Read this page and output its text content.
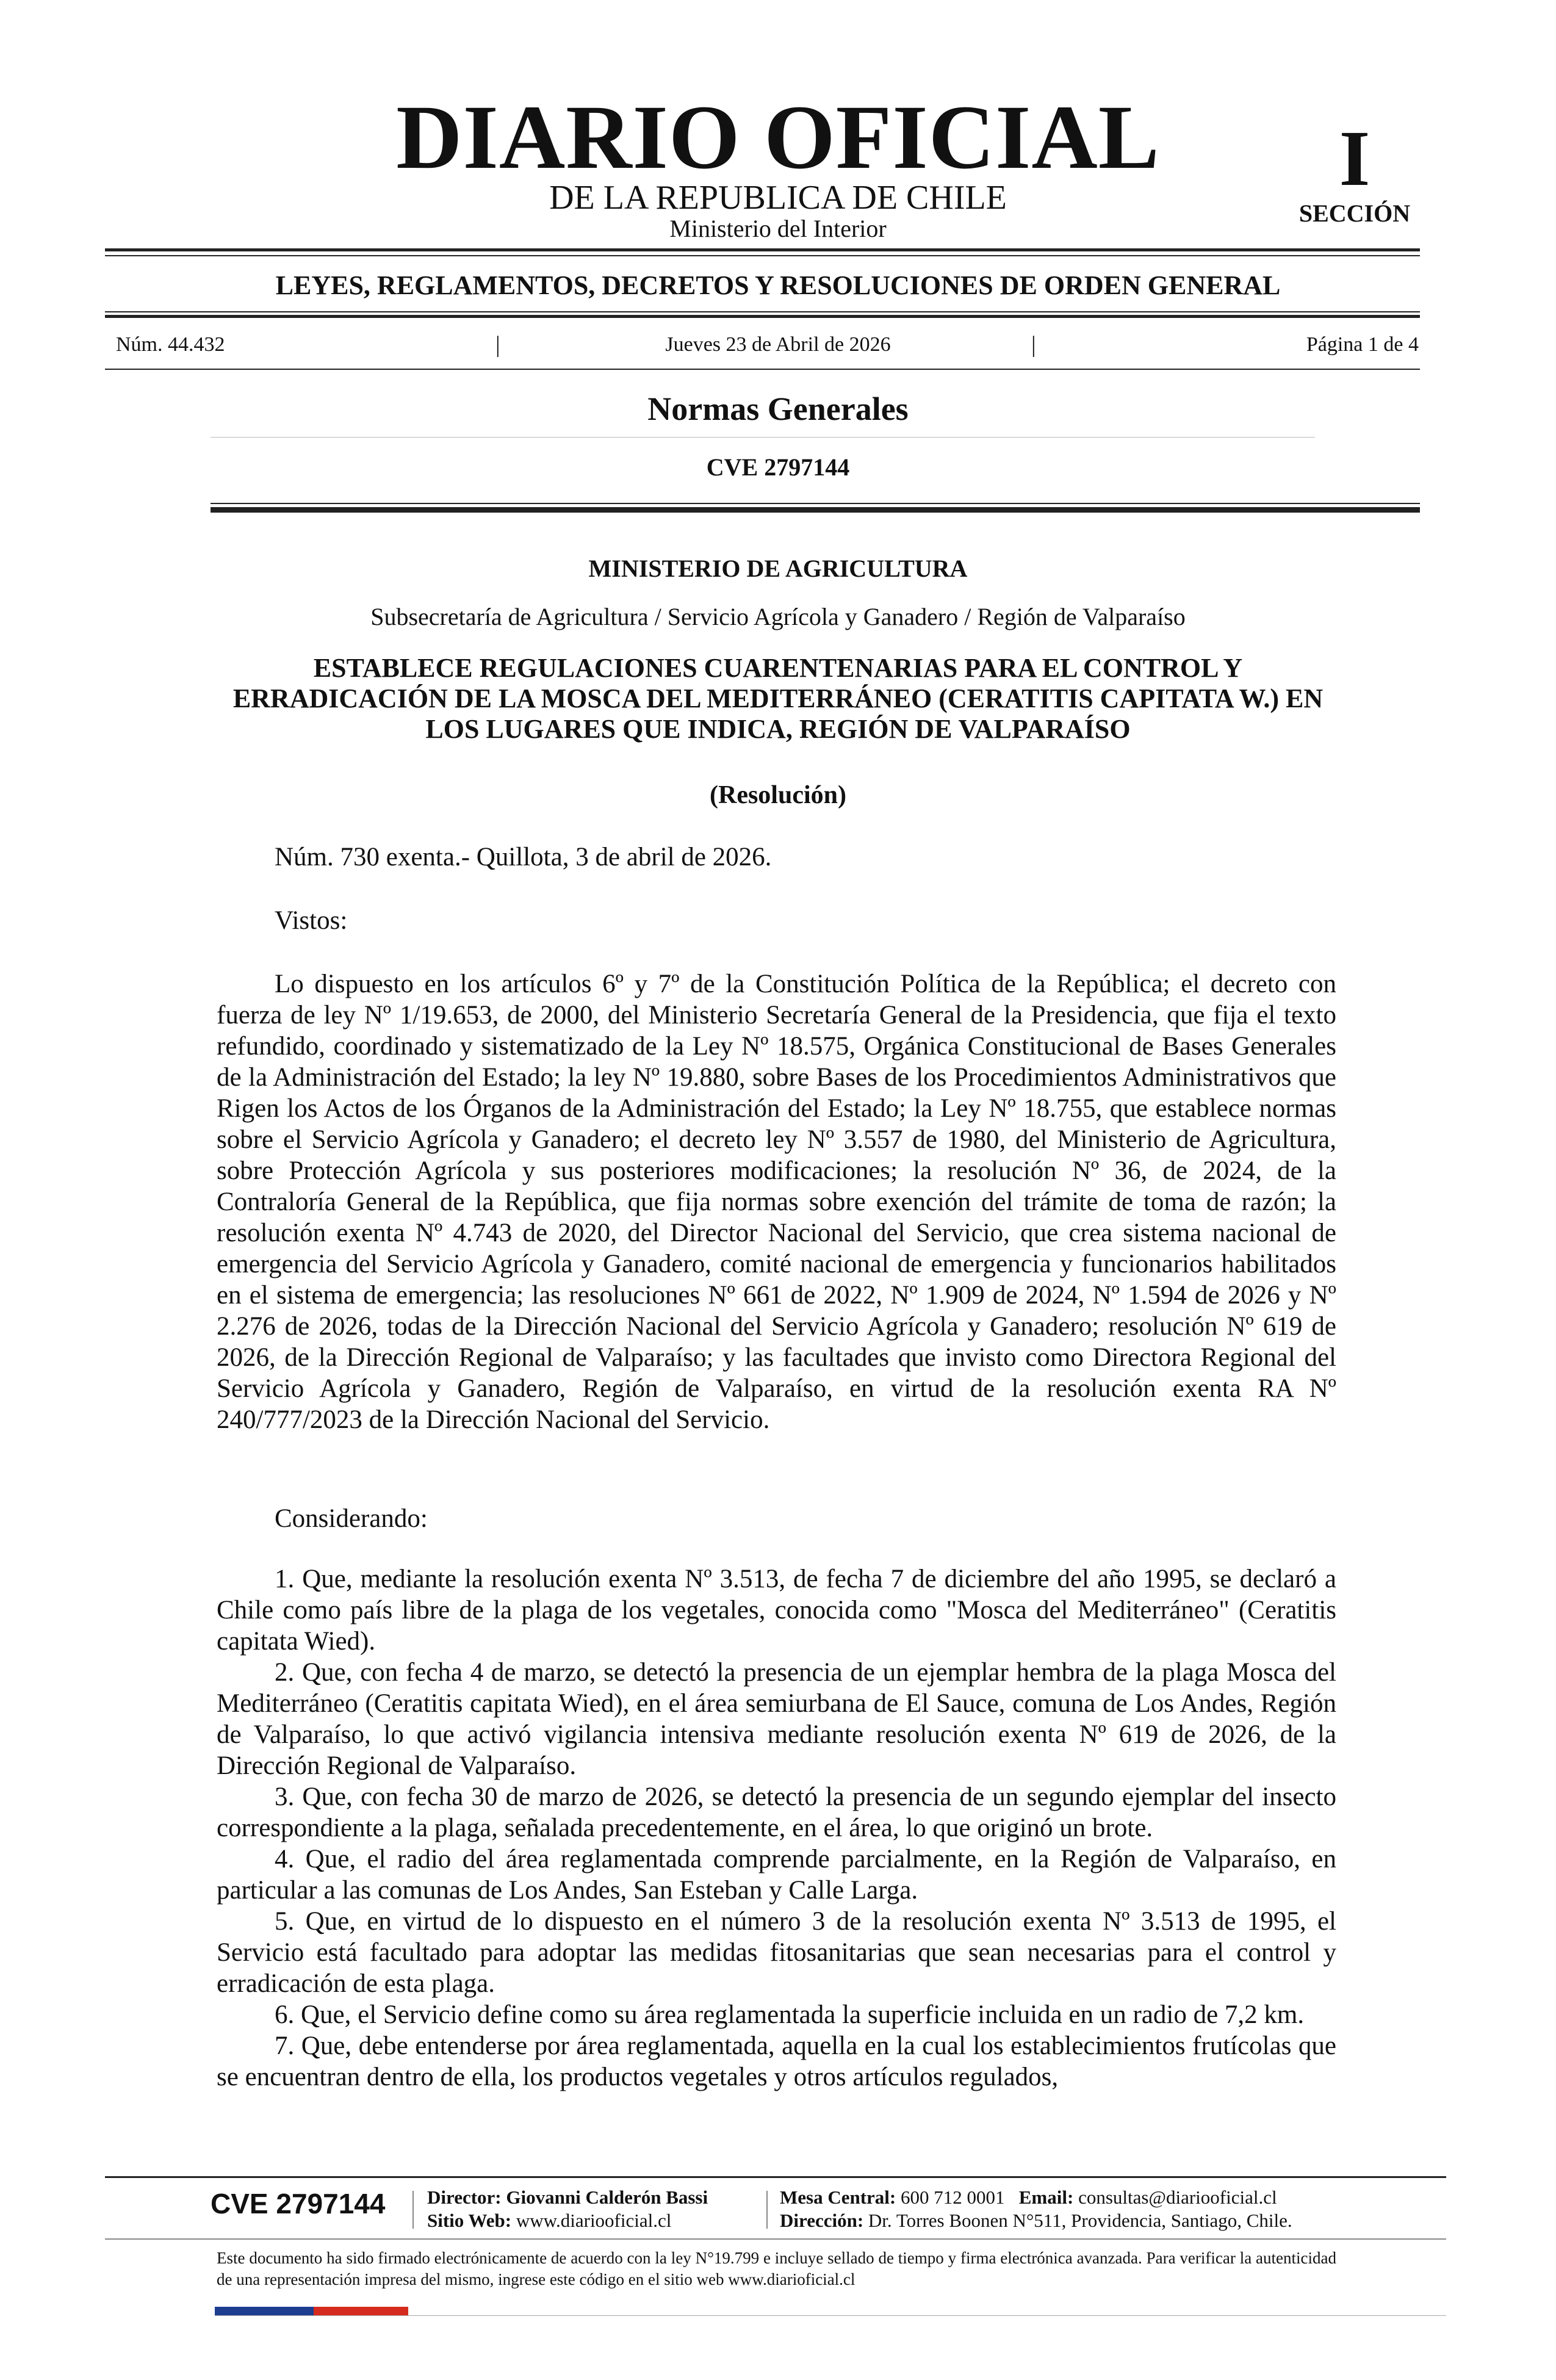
DIARIO OFICIAL
DE LA REPUBLICA DE CHILE
Ministerio del Interior
I
SECCIÓN
LEYES, REGLAMENTOS, DECRETOS Y RESOLUCIONES DE ORDEN GENERAL
Núm. 44.432	|	Jueves 23 de Abril de 2026	|	Página 1 de 4
Normas Generales
CVE 2797144
MINISTERIO DE AGRICULTURA
Subsecretaría de Agricultura / Servicio Agrícola y Ganadero / Región de Valparaíso
ESTABLECE REGULACIONES CUARENTENARIAS PARA EL CONTROL Y ERRADICACIÓN DE LA MOSCA DEL MEDITERRÁNEO (CERATITIS CAPITATA W.) EN LOS LUGARES QUE INDICA, REGIÓN DE VALPARAÍSO
(Resolución)
Núm. 730 exenta.- Quillota, 3 de abril de 2026.
Vistos:
Lo dispuesto en los artículos 6º y 7º de la Constitución Política de la República; el decreto con fuerza de ley Nº 1/19.653, de 2000, del Ministerio Secretaría General de la Presidencia, que fija el texto refundido, coordinado y sistematizado de la Ley Nº 18.575, Orgánica Constitucional de Bases Generales de la Administración del Estado; la ley Nº 19.880, sobre Bases de los Procedimientos Administrativos que Rigen los Actos de los Órganos de la Administración del Estado; la Ley Nº 18.755, que establece normas sobre el Servicio Agrícola y Ganadero; el decreto ley Nº 3.557 de 1980, del Ministerio de Agricultura, sobre Protección Agrícola y sus posteriores modificaciones; la resolución Nº 36, de 2024, de la Contraloría General de la República, que fija normas sobre exención del trámite de toma de razón; la resolución exenta Nº 4.743 de 2020, del Director Nacional del Servicio, que crea sistema nacional de emergencia del Servicio Agrícola y Ganadero, comité nacional de emergencia y funcionarios habilitados en el sistema de emergencia; las resoluciones Nº 661 de 2022, Nº 1.909 de 2024, Nº 1.594 de 2026 y Nº 2.276 de 2026, todas de la Dirección Nacional del Servicio Agrícola y Ganadero; resolución Nº 619 de 2026, de la Dirección Regional de Valparaíso; y las facultades que invisto como Directora Regional del Servicio Agrícola y Ganadero, Región de Valparaíso, en virtud de la resolución exenta RA Nº 240/777/2023 de la Dirección Nacional del Servicio.
Considerando:

1. Que, mediante la resolución exenta Nº 3.513, de fecha 7 de diciembre del año 1995, se declaró a Chile como país libre de la plaga de los vegetales, conocida como "Mosca del Mediterráneo" (Ceratitis capitata Wied).

2. Que, con fecha 4 de marzo, se detectó la presencia de un ejemplar hembra de la plaga Mosca del Mediterráneo (Ceratitis capitata Wied), en el área semiurbana de El Sauce, comuna de Los Andes, Región de Valparaíso, lo que activó vigilancia intensiva mediante resolución exenta Nº 619 de 2026, de la Dirección Regional de Valparaíso.

3. Que, con fecha 30 de marzo de 2026, se detectó la presencia de un segundo ejemplar del insecto correspondiente a la plaga, señalada precedentemente, en el área, lo que originó un brote.

4. Que, el radio del área reglamentada comprende parcialmente, en la Región de Valparaíso, en particular a las comunas de Los Andes, San Esteban y Calle Larga.

5. Que, en virtud de lo dispuesto en el número 3 de la resolución exenta Nº 3.513 de 1995, el Servicio está facultado para adoptar las medidas fitosanitarias que sean necesarias para el control y erradicación de esta plaga.

6. Que, el Servicio define como su área reglamentada la superficie incluida en un radio de 7,2 km.

7. Que, debe entenderse por área reglamentada, aquella en la cual los establecimientos frutícolas que se encuentran dentro de ella, los productos vegetales y otros artículos regulados,

CVE 2797144 Director: Giovanni Calderón Bassi
Sitio Web: www.diariooficial.cl
Mesa Central: 600 712 0001 Email: consultas@diariooficial.cl
Dirección: Dr. Torres Boonen N°511, Providencia, Santiago, Chile.
Este documento ha sido firmado electrónicamente de acuerdo con la ley N°19.799 e incluye sellado de tiempo y firma electrónica avanzada. Para verificar la autenticidad de una representación impresa del mismo, ingrese este código en el sitio web www.diarioficial.cl
